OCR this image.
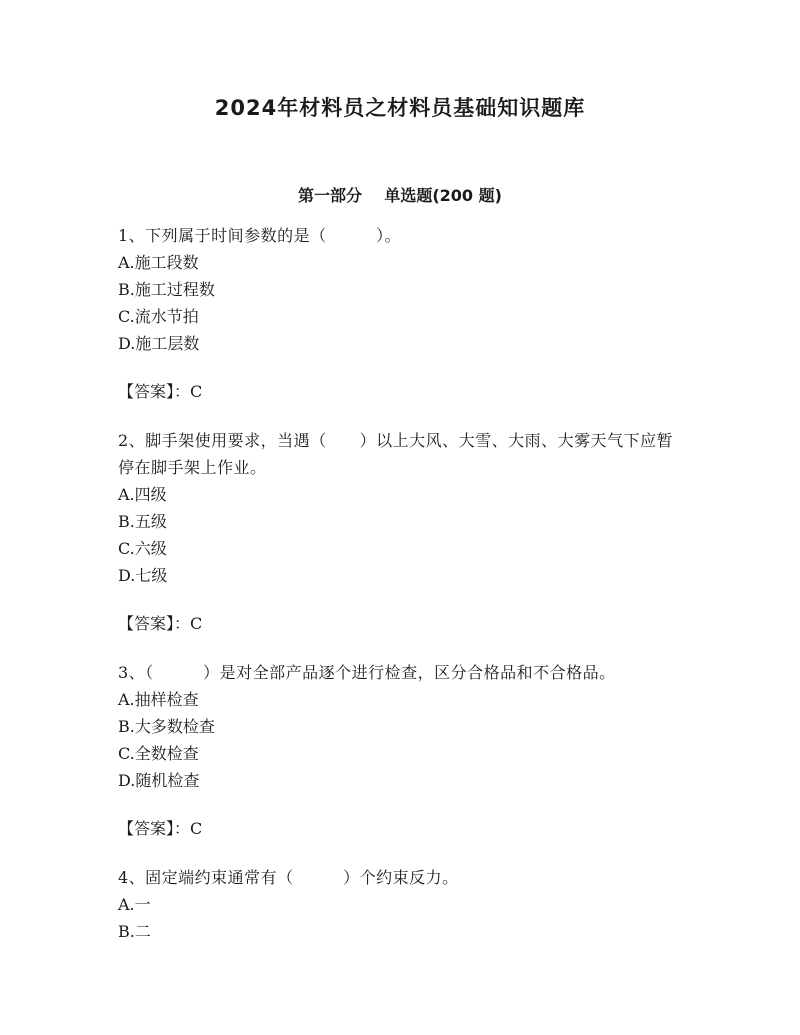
2024年材料员之材料员基础知识题库
第一部分    单选题(200 题)

1、下列属于时间参数的是（　　　）。

A.施工段数

B.施工过程数

C.流水节拍

D.施工层数

【答案】：C

2、脚手架使用要求，当遇（　　）以上大风、大雪、大雨、大雾天气下应暂停在脚手架上作业。

A.四级

B.五级

C.六级

D.七级

【答案】：C

3、（　　　）是对全部产品逐个进行检查，区分合格品和不合格品。

A.抽样检查

B.大多数检查

C.全数检查

D.随机检查

【答案】：C

4、固定端约束通常有（　　　）个约束反力。

A.一

B.二
